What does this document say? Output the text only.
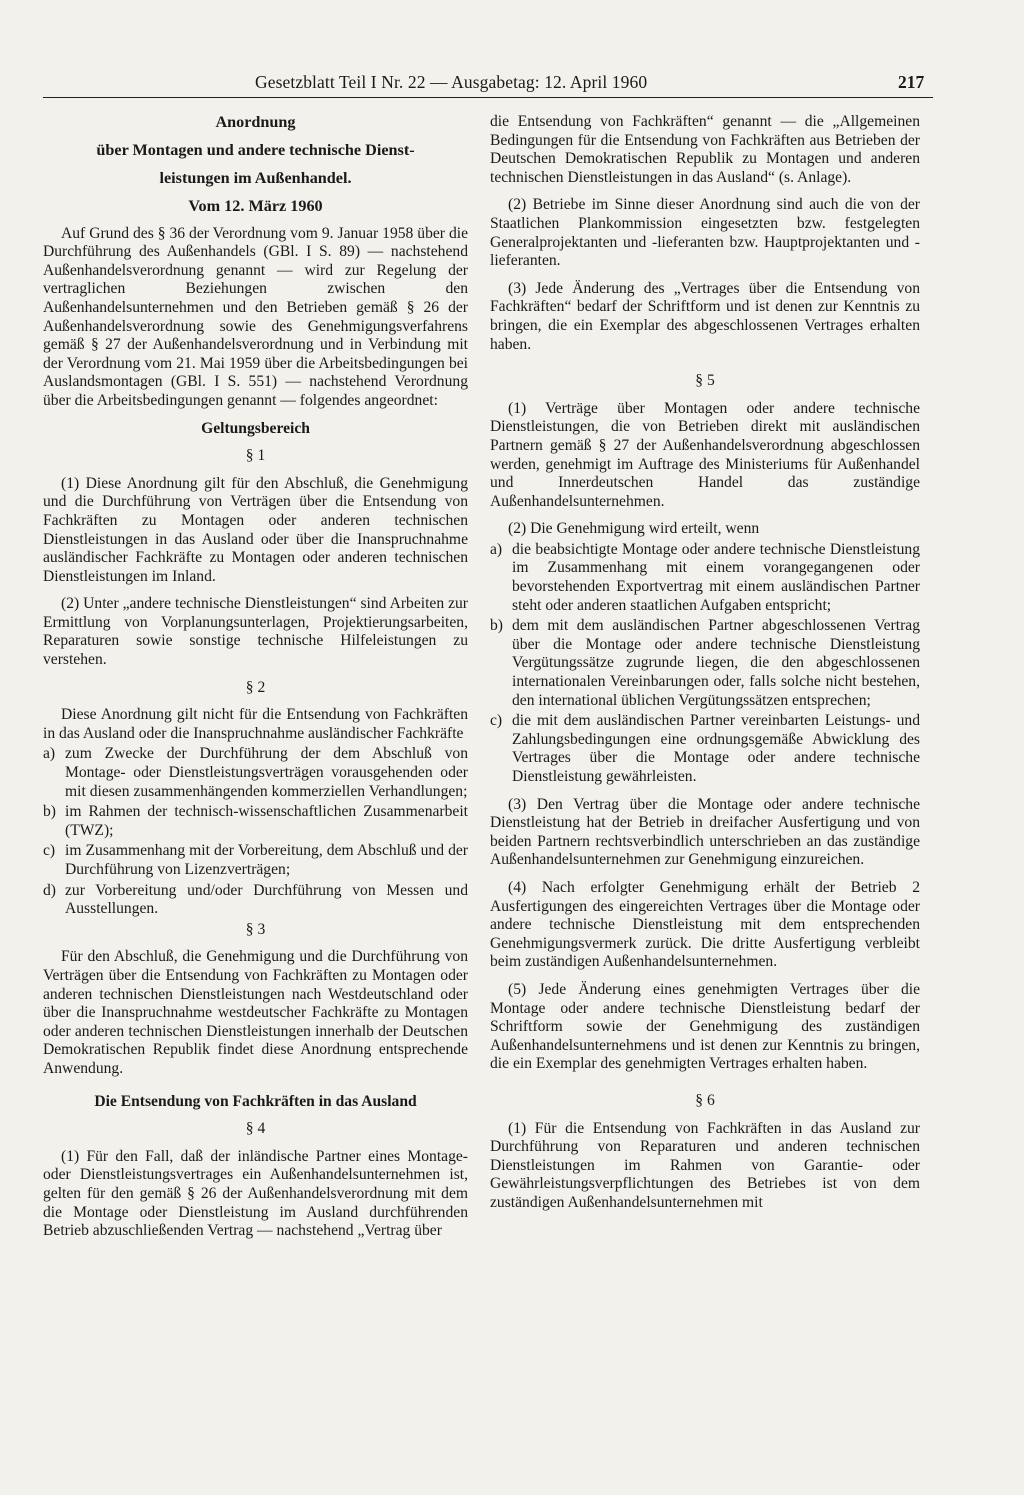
Gesetzblatt Teil I Nr. 22 — Ausgabetag: 12. April 1960	217

Anordnung

über Montagen und andere technische Dienst-

leistungen im Außenhandel.

Vom 12. März 1960

Auf Grund des § 36 der Verordnung vom 9. Januar 1958 über die Durchführung des Außenhandels (GBl. I S. 89) — nachstehend Außenhandelsverordnung genannt — wird zur Regelung der vertraglichen Beziehungen zwischen den Außenhandelsunternehmen und den Betrieben gemäß § 26 der Außenhandelsverordnung sowie des Genehmigungsverfahrens gemäß § 27 der Außenhandelsverordnung und in Verbindung mit der Verordnung vom 21. Mai 1959 über die Arbeitsbedingungen bei Auslandsmontagen (GBl. I S. 551) — nachstehend Verordnung über die Arbeitsbedingungen genannt — folgendes angeordnet:

Geltungsbereich

§ 1

(1) Diese Anordnung gilt für den Abschluß, die Genehmigung und die Durchführung von Verträgen über die Entsendung von Fachkräften zu Montagen oder anderen technischen Dienstleistungen in das Ausland oder über die Inanspruchnahme ausländischer Fachkräfte zu Montagen oder anderen technischen Dienstleistungen im Inland.

(2) Unter „andere technische Dienstleistungen“ sind Arbeiten zur Ermittlung von Vorplanungsunterlagen, Projektierungsarbeiten, Reparaturen sowie sonstige technische Hilfeleistungen zu verstehen.

§ 2

Diese Anordnung gilt nicht für die Entsendung von Fachkräften in das Ausland oder die Inanspruchnahme ausländischer Fachkräfte

a) zum Zwecke der Durchführung der dem Abschluß von Montage- oder Dienstleistungsverträgen vorausgehenden oder mit diesen zusammenhängenden kommerziellen Verhandlungen;
b) im Rahmen der technisch-wissenschaftlichen Zusammenarbeit (TWZ);
c) im Zusammenhang mit der Vorbereitung, dem Abschluß und der Durchführung von Lizenzverträgen;
d) zur Vorbereitung und/oder Durchführung von Messen und Ausstellungen.

§ 3

Für den Abschluß, die Genehmigung und die Durchführung von Verträgen über die Entsendung von Fachkräften zu Montagen oder anderen technischen Dienstleistungen nach Westdeutschland oder über die Inanspruchnahme westdeutscher Fachkräfte zu Montagen oder anderen technischen Dienstleistungen innerhalb der Deutschen Demokratischen Republik findet diese Anordnung entsprechende Anwendung.

Die Entsendung von Fachkräften in das Ausland

§ 4

(1) Für den Fall, daß der inländische Partner eines Montage- oder Dienstleistungsvertrages ein Außenhandelsunternehmen ist, gelten für den gemäß § 26 der Außenhandelsverordnung mit dem die Montage oder Dienstleistung im Ausland durchführenden Betrieb abzuschließenden Vertrag — nachstehend „Vertrag über

die Entsendung von Fachkräften“ genannt — die „Allgemeinen Bedingungen für die Entsendung von Fachkräften aus Betrieben der Deutschen Demokratischen Republik zu Montagen und anderen technischen Dienstleistungen in das Ausland“ (s. Anlage).

(2) Betriebe im Sinne dieser Anordnung sind auch die von der Staatlichen Plankommission eingesetzten bzw. festgelegten Generalprojektanten und -lieferanten bzw. Hauptprojektanten und -lieferanten.

(3) Jede Änderung des „Vertrages über die Entsendung von Fachkräften“ bedarf der Schriftform und ist denen zur Kenntnis zu bringen, die ein Exemplar des abgeschlossenen Vertrages erhalten haben.

§ 5

(1) Verträge über Montagen oder andere technische Dienstleistungen, die von Betrieben direkt mit ausländischen Partnern gemäß § 27 der Außenhandelsverordnung abgeschlossen werden, genehmigt im Auftrage des Ministeriums für Außenhandel und Innerdeutschen Handel das zuständige Außenhandelsunternehmen.

(2) Die Genehmigung wird erteilt, wenn

a) die beabsichtigte Montage oder andere technische Dienstleistung im Zusammenhang mit einem vorangegangenen oder bevorstehenden Exportvertrag mit einem ausländischen Partner steht oder anderen staatlichen Aufgaben entspricht;
b) dem mit dem ausländischen Partner abgeschlossenen Vertrag über die Montage oder andere technische Dienstleistung Vergütungssätze zugrunde liegen, die den abgeschlossenen internationalen Vereinbarungen oder, falls solche nicht bestehen, den international üblichen Vergütungssätzen entsprechen;
c) die mit dem ausländischen Partner vereinbarten Leistungs- und Zahlungsbedingungen eine ordnungsgemäße Abwicklung des Vertrages über die Montage oder andere technische Dienstleistung gewährleisten.

(3) Den Vertrag über die Montage oder andere technische Dienstleistung hat der Betrieb in dreifacher Ausfertigung und von beiden Partnern rechtsverbindlich unterschrieben an das zuständige Außenhandelsunternehmen zur Genehmigung einzureichen.

(4) Nach erfolgter Genehmigung erhält der Betrieb 2 Ausfertigungen des eingereichten Vertrages über die Montage oder andere technische Dienstleistung mit dem entsprechenden Genehmigungsvermerk zurück. Die dritte Ausfertigung verbleibt beim zuständigen Außenhandelsunternehmen.

(5) Jede Änderung eines genehmigten Vertrages über die Montage oder andere technische Dienstleistung bedarf der Schriftform sowie der Genehmigung des zuständigen Außenhandelsunternehmens und ist denen zur Kenntnis zu bringen, die ein Exemplar des genehmigten Vertrages erhalten haben.

§ 6

(1) Für die Entsendung von Fachkräften in das Ausland zur Durchführung von Reparaturen und anderen technischen Dienstleistungen im Rahmen von Garantie- oder Gewährleistungsverpflichtungen des Betriebes ist von dem zuständigen Außenhandelsunternehmen mit
